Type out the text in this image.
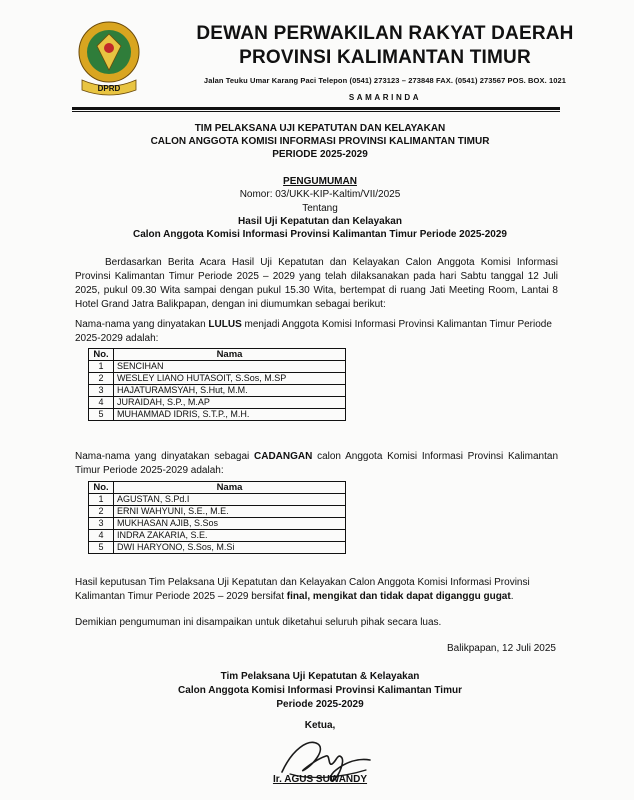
DPRD
DEWAN PERWAKILAN RAKYAT DAERAH
PROVINSI KALIMANTAN TIMUR
Jalan Teuku Umar Karang Paci Telepon (0541) 273123 – 273848 FAX. (0541) 273567 POS. BOX. 1021
SAMARINDA
TIM PELAKSANA UJI KEPATUTAN DAN KELAYAKAN
CALON ANGGOTA KOMISI INFORMASI PROVINSI KALIMANTAN TIMUR
PERIODE 2025-2029
PENGUMUMAN
Nomor: 03/UKK-KIP-Kaltim/VII/2025
Tentang
Hasil Uji Kepatutan dan Kelayakan
Calon Anggota Komisi Informasi Provinsi Kalimantan Timur Periode 2025-2029
Berdasarkan Berita Acara Hasil Uji Kepatutan dan Kelayakan Calon Anggota Komisi Informasi Provinsi Kalimantan Timur Periode 2025 – 2029 yang telah dilaksanakan pada hari Sabtu tanggal 12 Juli 2025, pukul 09.30 Wita sampai dengan pukul 15.30 Wita, bertempat di ruang Jati Meeting Room, Lantai 8 Hotel Grand Jatra Balikpapan, dengan ini diumumkan sebagai berikut:
Nama-nama yang dinyatakan LULUS menjadi Anggota Komisi Informasi Provinsi Kalimantan Timur Periode 2025-2029 adalah:
No.	Nama
1	SENCIHAN
2	WESLEY LIANO HUTASOIT, S.Sos, M.SP
3	HAJATURAMSYAH, S.Hut, M.M.
4	JURAIDAH, S.P., M.AP
5	MUHAMMAD IDRIS, S.T.P., M.H.
Nama-nama yang dinyatakan sebagai CADANGAN calon Anggota Komisi Informasi Provinsi Kalimantan Timur Periode 2025-2029 adalah:
No.	Nama
1	AGUSTAN, S.Pd.I
2	ERNI WAHYUNI, S.E., M.E.
3	MUKHASAN AJIB, S.Sos
4	INDRA ZAKARIA, S.E.
5	DWI HARYONO, S.Sos, M.Si
Hasil keputusan Tim Pelaksana Uji Kepatutan dan Kelayakan Calon Anggota Komisi Informasi Provinsi Kalimantan Timur Periode 2025 – 2029 bersifat final, mengikat dan tidak dapat diganggu gugat.
Demikian pengumuman ini disampaikan untuk diketahui seluruh pihak secara luas.
Balikpapan, 12 Juli 2025
Tim Pelaksana Uji Kepatutan & Kelayakan
Calon Anggota Komisi Informasi Provinsi Kalimantan Timur
Periode 2025-2029
Ketua,
Ir. AGUS SUWANDY
